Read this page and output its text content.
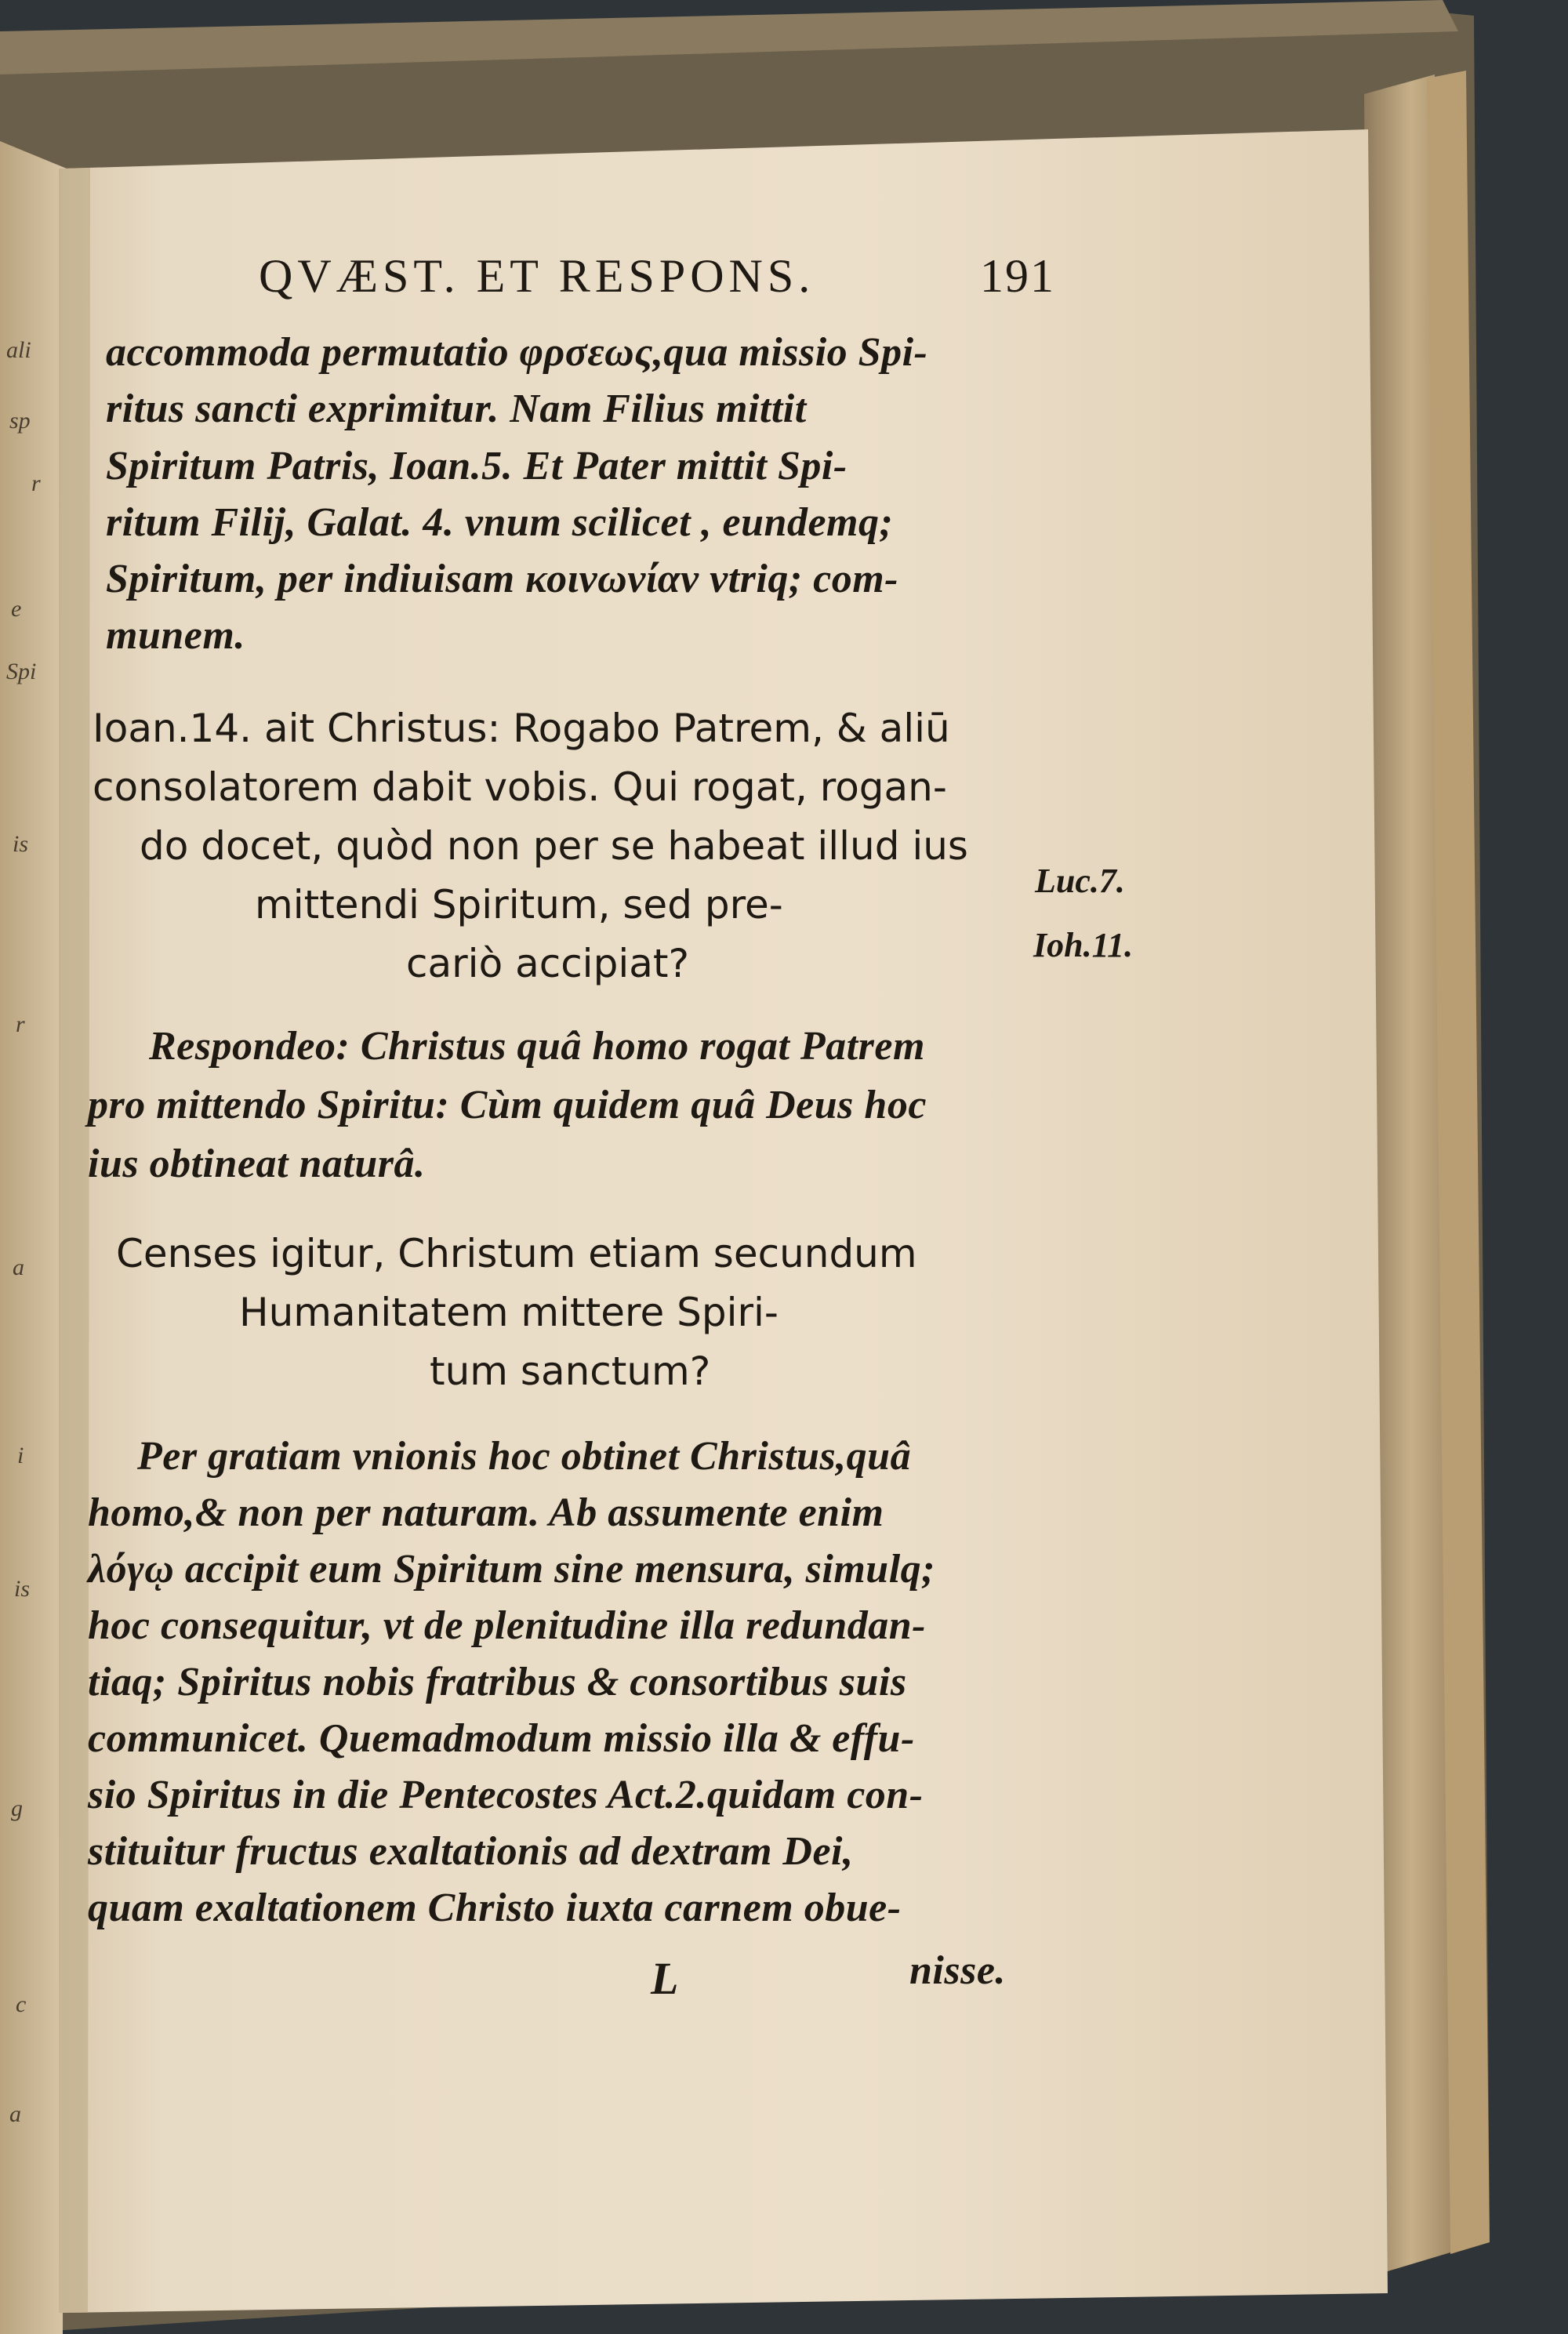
ali
sp
r
e
Spi
is
r
a
i
is
g
c
a
QVÆST. ET RESPONS.	191
accommoda permutatio φρσεως,qua missio Spi-
ritus sancti exprimitur. Nam Filius mittit
Spiritum Patris, Ioan.5. Et Pater mittit Spi-
ritum Filij, Galat. 4. vnum scilicet , eundemq;
Spiritum, per indiuisam κοινωνίαν vtriq; com-
munem.
Ioan.14. ait Christus: Rogabo Patrem, & aliū
consolatorem dabit vobis. Qui rogat, rogan-
do docet, quòd non per se habeat illud ius
mittendi Spiritum, sed pre-
cariò accipiat?
Luc.7.
Ioh.11.
Respondeo: Christus quâ homo rogat Patrem
pro mittendo Spiritu: Cùm quidem quâ Deus hoc
ius obtineat naturâ.
Censes igitur, Christum etiam secundum
Humanitatem mittere Spiri-
tum sanctum?
Per gratiam vnionis hoc obtinet Christus,quâ
homo,& non per naturam. Ab assumente enim
λόγῳ accipit eum Spiritum sine mensura, simulq;
hoc consequitur, vt de plenitudine illa redundan-
tiaq; Spiritus nobis fratribus & consortibus suis
communicet. Quemadmodum missio illa & effu-
sio Spiritus in die Pentecostes Act.2.quidam con-
stituitur fructus exaltationis ad dextram Dei,
quam exaltationem Christo iuxta carnem obue-
L	nisse.
